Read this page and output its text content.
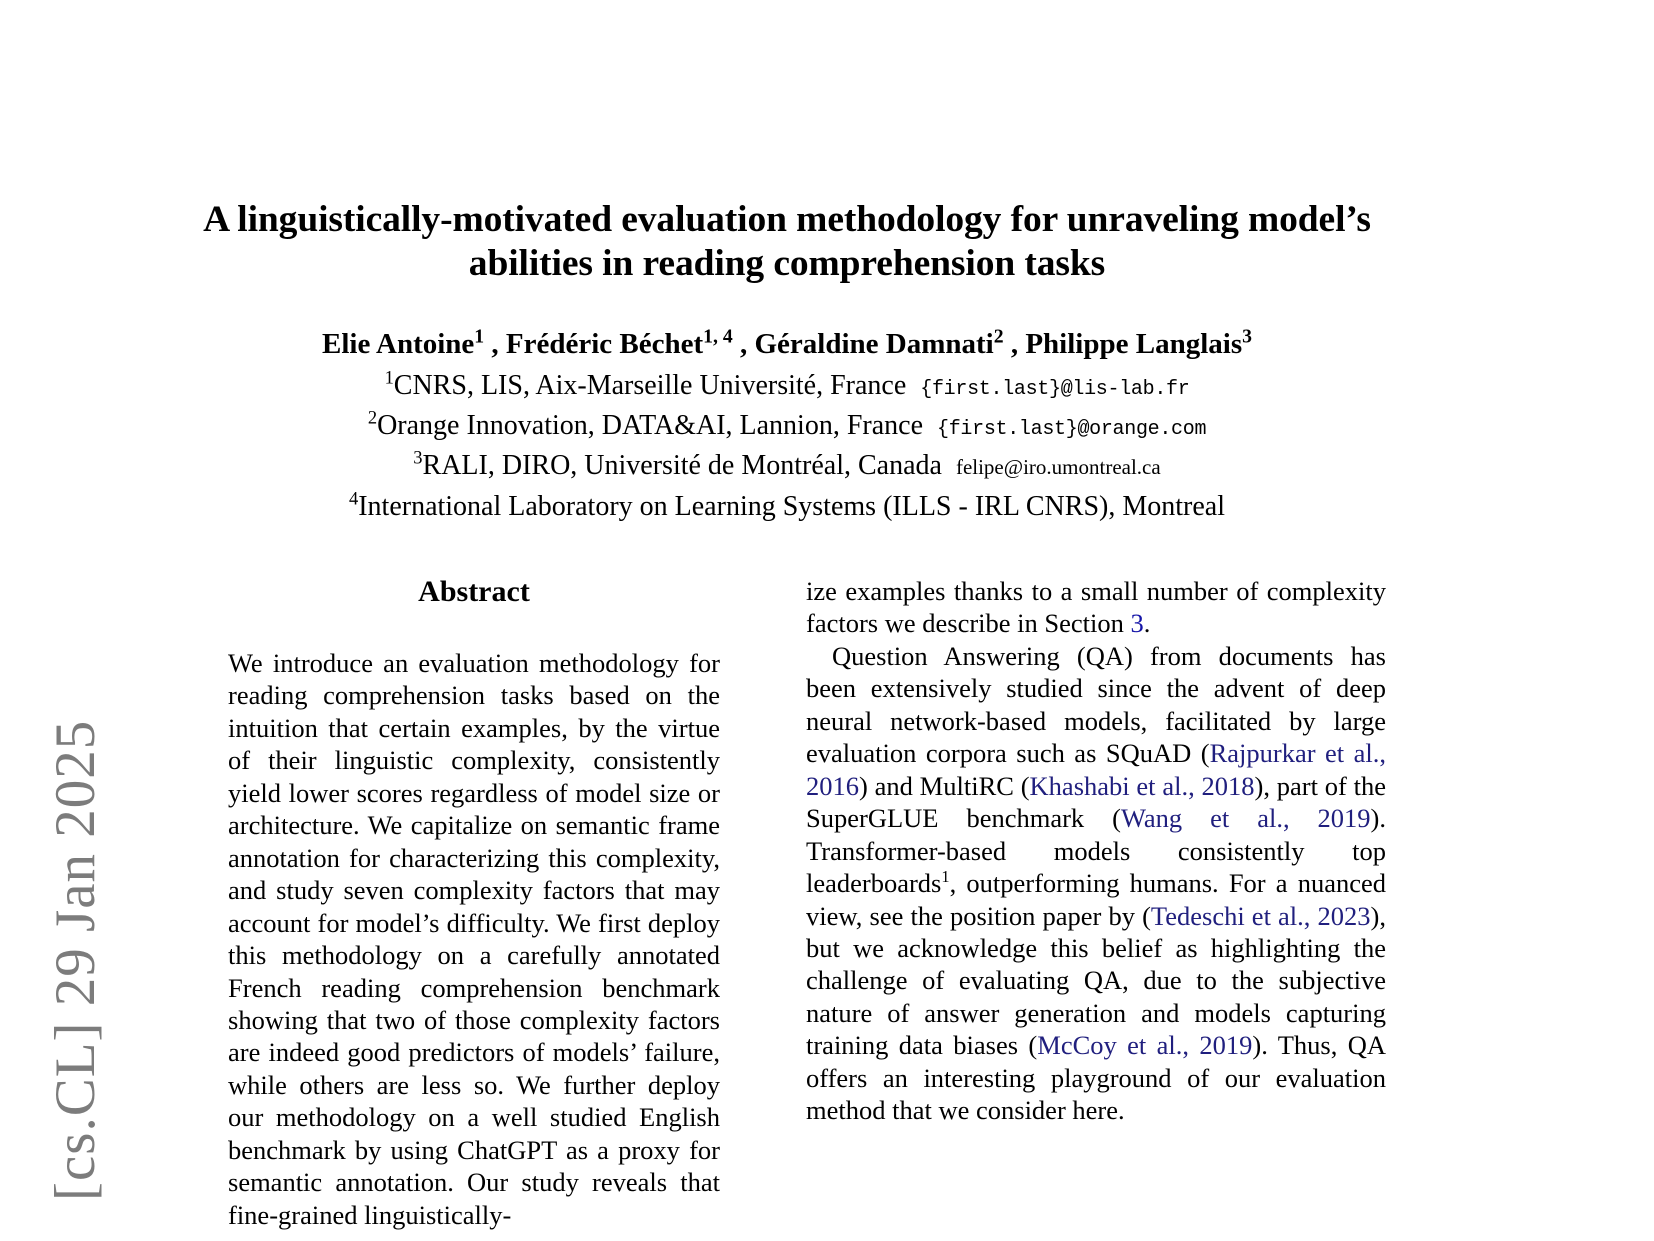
[cs.CL] 29 Jan 2025
A linguistically-motivated evaluation methodology for unraveling model’s
abilities in reading comprehension tasks
Elie Antoine$^1$ , Frédéric Béchet$^{1, 4}$ , Géraldine Damnati$^2$ , Philippe Langlais$^3$
$^1$CNRS, LIS, Aix-Marseille Université, France {first.last}@lis-lab.fr
$^2$Orange Innovation, DATA&AI, Lannion, France {first.last}@orange.com
$^3$RALI, DIRO, Université de Montréal, Canada felipe@iro.umontreal.ca
$^4$International Laboratory on Learning Systems (ILLS - IRL CNRS), Montreal
Abstract

We introduce an evaluation methodology for reading comprehension tasks based on the intuition that certain examples, by the virtue of their linguistic complexity, consistently yield lower scores regardless of model size or architecture. We capitalize on semantic frame annotation for characterizing this complexity, and study seven complexity factors that may account for model’s difficulty. We first deploy this methodology on a carefully annotated French reading comprehension benchmark showing that two of those complexity factors are indeed good predictors of models’ failure, while others are less so. We further deploy our methodology on a well studied English benchmark by using ChatGPT as a proxy for semantic annotation. Our study reveals that fine-grained linguistically-

ize examples thanks to a small number of complexity factors we describe in Section 3.

Question Answering (QA) from documents has been extensively studied since the advent of deep neural network-based models, facilitated by large evaluation corpora such as SQuAD (Rajpurkar et al., 2016) and MultiRC (Khashabi et al., 2018), part of the SuperGLUE benchmark (Wang et al., 2019). Transformer-based models consistently top leaderboards$^1$, outperforming humans. For a nuanced view, see the position paper by (Tedeschi et al., 2023), but we acknowledge this belief as highlighting the challenge of evaluating QA, due to the subjective nature of answer generation and models capturing training data biases (McCoy et al., 2019). Thus, QA offers an interesting playground of our evaluation method that we consider here.
